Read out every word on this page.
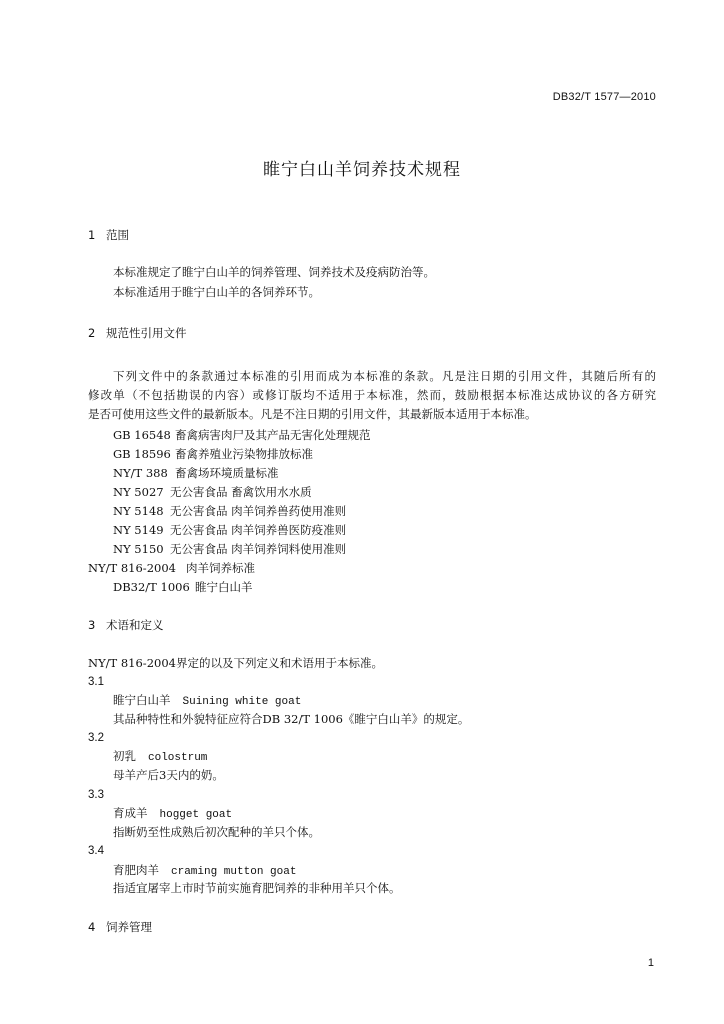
DB32/T 1577—2010
睢宁白山羊饲养技术规程
1 范围
本标准规定了睢宁白山羊的饲养管理、饲养技术及疫病防治等。
本标准适用于睢宁白山羊的各饲养环节。
2 规范性引用文件
下列文件中的条款通过本标准的引用而成为本标准的条款。凡是注日期的引用文件，其随后所有的
修改单（不包括勘误的内容）或修订版均不适用于本标准，然而，鼓励根据本标准达成协议的各方研究
是否可使用这些文件的最新版本。凡是不注日期的引用文件，其最新版本适用于本标准。
GB 16548 畜禽病害肉尸及其产品无害化处理规范
GB 18596 畜禽养殖业污染物排放标准
NY/T 388 畜禽场环境质量标准
NY 5027 无公害食品 畜禽饮用水水质
NY 5148 无公害食品 肉羊饲养兽药使用准则
NY 5149 无公害食品 肉羊饲养兽医防疫准则
NY 5150 无公害食品 肉羊饲养饲料使用准则
NY/T 816-2004 肉羊饲养标准
DB32/T 1006 睢宁白山羊
3 术语和定义
NY/T 816-2004界定的以及下列定义和术语用于本标准。
3.1
睢宁白山羊 Suining white goat
其品种特性和外貌特征应符合DB 32/T 1006《睢宁白山羊》的规定。
3.2
初乳 colostrum
母羊产后3天内的奶。
3.3
育成羊 hogget goat
指断奶至性成熟后初次配种的羊只个体。
3.4
育肥肉羊 craming mutton goat
指适宜屠宰上市时节前实施育肥饲养的非种用羊只个体。
4 饲养管理
1
